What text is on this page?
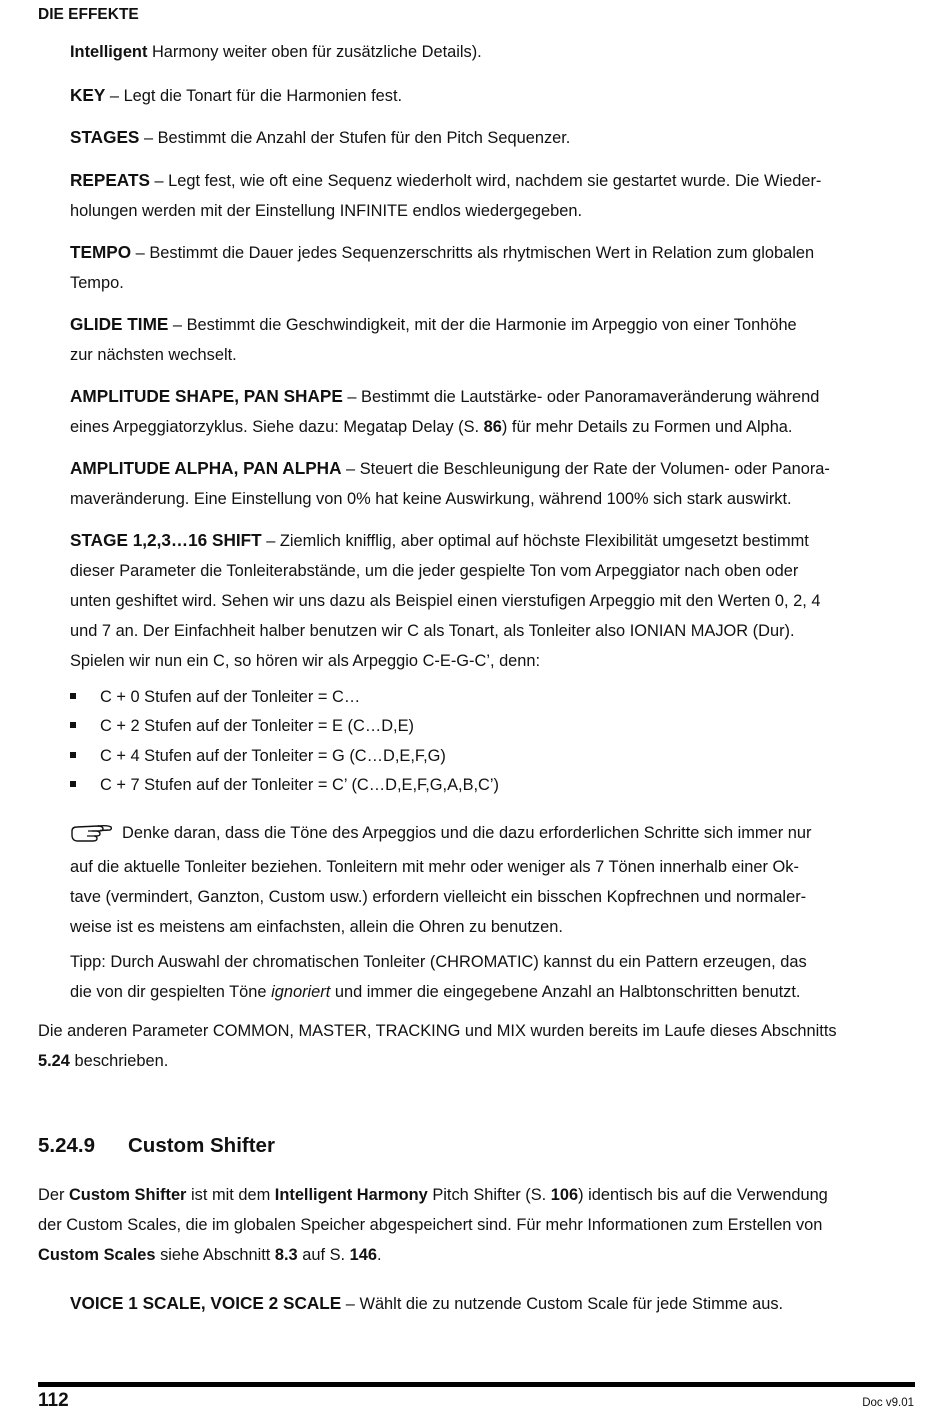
DIE EFFEKTE
Intelligent Harmony weiter oben für zusätzliche Details).
KEY – Legt die Tonart für die Harmonien fest.
STAGES – Bestimmt die Anzahl der Stufen für den Pitch Sequenzer.
REPEATS – Legt fest, wie oft eine Sequenz wiederholt wird, nachdem sie gestartet wurde. Die Wieder-
holungen werden mit der Einstellung INFINITE endlos wiedergegeben.
TEMPO – Bestimmt die Dauer jedes Sequenzerschritts als rhytmischen Wert in Relation zum globalen
Tempo.
GLIDE TIME – Bestimmt die Geschwindigkeit, mit der die Harmonie im Arpeggio von einer Tonhöhe
zur nächsten wechselt.
AMPLITUDE SHAPE, PAN SHAPE – Bestimmt die Lautstärke- oder Panoramaveränderung während
eines Arpeggiatorzyklus. Siehe dazu: Megatap Delay (S. 86) für mehr Details zu Formen und Alpha.
AMPLITUDE ALPHA, PAN ALPHA – Steuert die Beschleunigung der Rate der Volumen- oder Panora-
maveränderung. Eine Einstellung von 0% hat keine Auswirkung, während 100% sich stark auswirkt.
STAGE 1,2,3…16 SHIFT – Ziemlich knifflig, aber optimal auf höchste Flexibilität umgesetzt bestimmt
dieser Parameter die Tonleiterabstände, um die jeder gespielte Ton vom Arpeggiator nach oben oder
unten geshiftet wird. Sehen wir uns dazu als Beispiel einen vierstufigen Arpeggio mit den Werten 0, 2, 4
und 7 an. Der Einfachheit halber benutzen wir C als Tonart, als Tonleiter also IONIAN MAJOR (Dur).
Spielen wir nun ein C, so hören wir als Arpeggio C-E-G-C’, denn:
C + 0 Stufen auf der Tonleiter = C…
C + 2 Stufen auf der Tonleiter = E (C…D,E)
C + 4 Stufen auf der Tonleiter = G (C…D,E,F,G)
C + 7 Stufen auf der Tonleiter = C’ (C…D,E,F,G,A,B,C’)
Denke daran, dass die Töne des Arpeggios und die dazu erforderlichen Schritte sich immer nur
auf die aktuelle Tonleiter beziehen. Tonleitern mit mehr oder weniger als 7 Tönen innerhalb einer Ok-
tave (vermindert, Ganzton, Custom usw.) erfordern vielleicht ein bisschen Kopfrechnen und normaler-
weise ist es meistens am einfachsten, allein die Ohren zu benutzen.
Tipp: Durch Auswahl der chromatischen Tonleiter (CHROMATIC) kannst du ein Pattern erzeugen, das
die von dir gespielten Töne ignoriert und immer die eingegebene Anzahl an Halbtonschritten benutzt.
Die anderen Parameter COMMON, MASTER, TRACKING und MIX wurden bereits im Laufe dieses Abschnitts
5.24 beschrieben.
5.24.9 Custom Shifter
Der Custom Shifter ist mit dem Intelligent Harmony Pitch Shifter (S. 106) identisch bis auf die Verwendung
der Custom Scales, die im globalen Speicher abgespeichert sind. Für mehr Informationen zum Erstellen von
Custom Scales siehe Abschnitt 8.3 auf S. 146.
VOICE 1 SCALE, VOICE 2 SCALE – Wählt die zu nutzende Custom Scale für jede Stimme aus.
112	Doc v9.01
